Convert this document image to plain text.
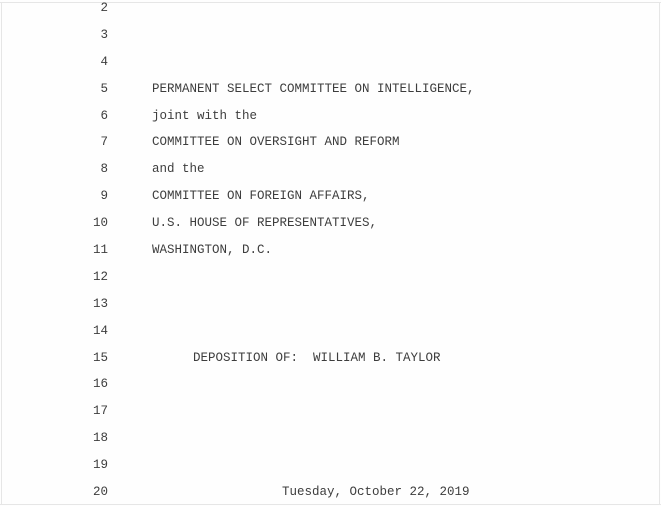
2
3
4
5	PERMANENT SELECT COMMITTEE ON INTELLIGENCE,
6	joint with the
7	COMMITTEE ON OVERSIGHT AND REFORM
8	and the
9	COMMITTEE ON FOREIGN AFFAIRS,
10	U.S. HOUSE OF REPRESENTATIVES,
11	WASHINGTON, D.C.
12
13
14
15	DEPOSITION OF:  WILLIAM B. TAYLOR
16
17
18
19
20	Tuesday, October 22, 2019
